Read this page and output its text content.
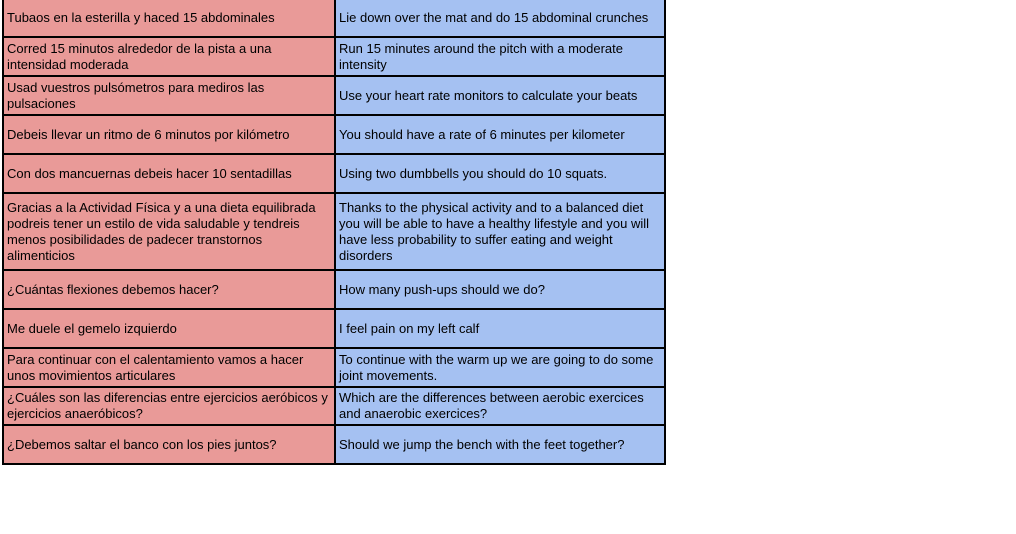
Tubaos en la esterilla y haced 15 abdominales	Lie down over the mat and do 15 abdominal crunches
Corred 15 minutos alrededor de la pista a una intensidad moderada	Run 15 minutes around the pitch with a moderate intensity
Usad vuestros pulsómetros para mediros las pulsaciones	Use your heart rate monitors to calculate your beats
Debeis llevar un ritmo de 6 minutos por kilómetro	You should have a rate of 6 minutes per kilometer
Con dos mancuernas debeis hacer 10 sentadillas	Using two dumbbells you should do 10 squats.
Gracias a la Actividad Física y a una dieta equilibrada podreis tener un estilo de vida saludable y tendreis menos posibilidades de padecer transtornos alimenticios	Thanks to the physical activity and to a balanced diet you will be able to have a healthy lifestyle and you will have less probability to suffer eating and weight disorders
¿Cuántas flexiones debemos hacer?	How many push-ups should we do?
Me duele el gemelo izquierdo	I feel pain on my left calf
Para continuar con el calentamiento vamos a hacer unos movimientos articulares	To continue with the warm up we are going to do some joint movements.
¿Cuáles son las diferencias entre ejercicios aeróbicos y ejercicios anaeróbicos?	Which are the differences between aerobic exercices and anaerobic exercices?
¿Debemos saltar el banco con los pies juntos?	Should we jump the bench with the feet together?
